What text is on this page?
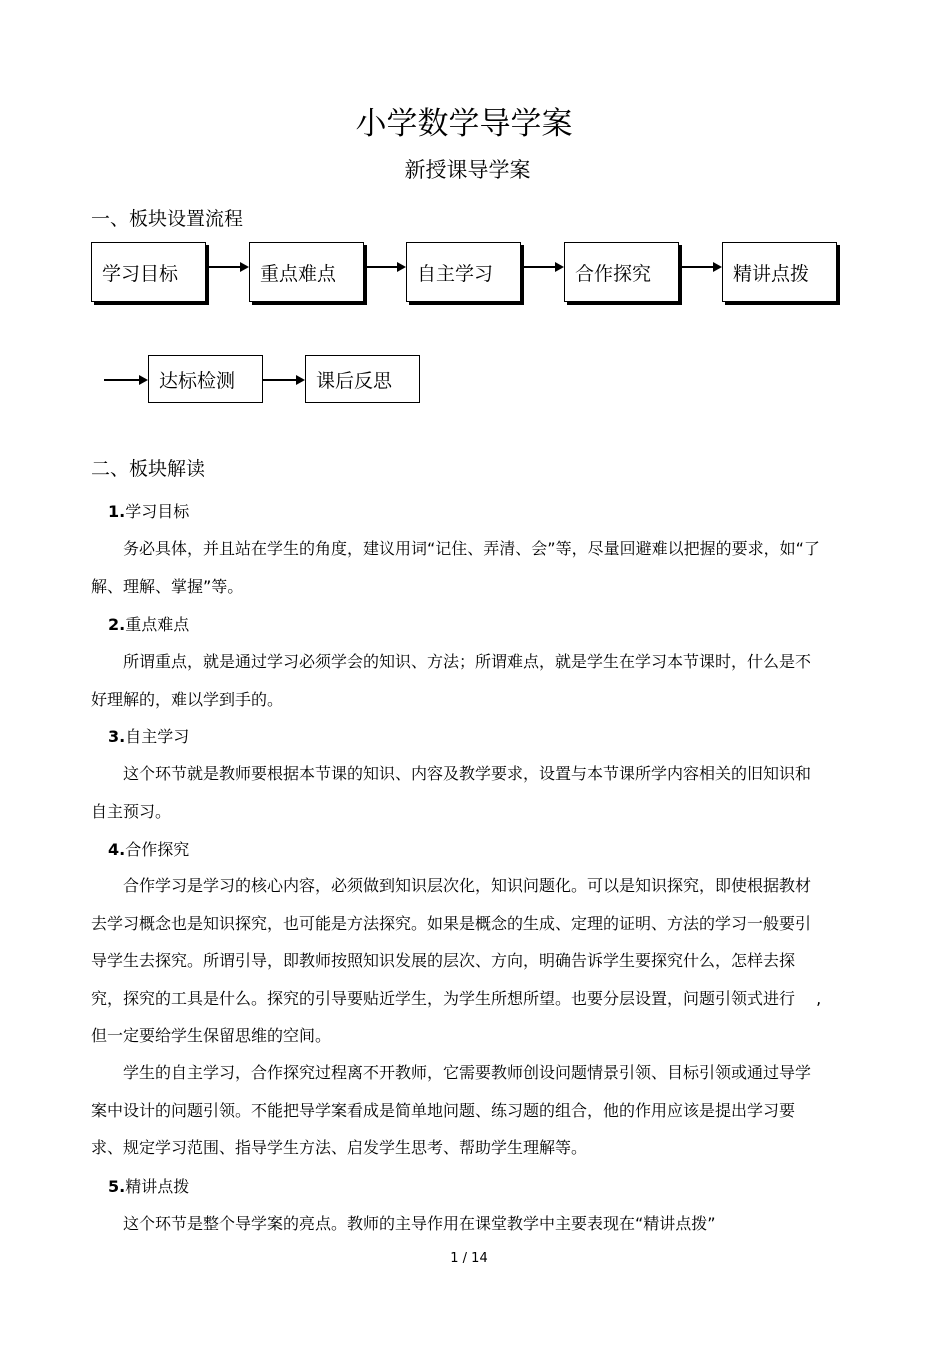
小学数学导学案
新授课导学案
一、板块设置流程
学习目标	重点难点	自主学习	合作探究	精讲点拨
达标检测	课后反思
二、板块解读
1.学习目标
　　务必具体，并且站在学生的角度，建议用词“记住、弄清、会”等，尽量回避难以把握的要求，如“了解、理解、掌握”等。
2.重点难点
　　所谓重点，就是通过学习必须学会的知识、方法；所谓难点，就是学生在学习本节课时，什么是不好理解的，难以学到手的。
3.自主学习
　　这个环节就是教师要根据本节课的知识、内容及教学要求，设置与本节课所学内容相关的旧知识和自主预习。
4.合作探究
　　合作学习是学习的核心内容，必须做到知识层次化，知识问题化。可以是知识探究，即使根据教材去学习概念也是知识探究，也可能是方法探究。如果是概念的生成、定理的证明、方法的学习一般要引导学生去探究。所谓引导，即教师按照知识发展的层次、方向，明确告诉学生要探究什么，怎样去探究，探究的工具是什么。探究的引导要贴近学生，为学生所想所望。也要分层设置，问题引领式进行　 ,但一定要给学生保留思维的空间。
　　学生的自主学习，合作探究过程离不开教师，它需要教师创设问题情景引领、目标引领或通过导学案中设计的问题引领。不能把导学案看成是简单地问题、练习题的组合，他的作用应该是提出学习要求、规定学习范围、指导学生方法、启发学生思考、帮助学生理解等。
5.精讲点拨
　　这个环节是整个导学案的亮点。教师的主导作用在课堂教学中主要表现在“精讲点拨”
1 / 14
